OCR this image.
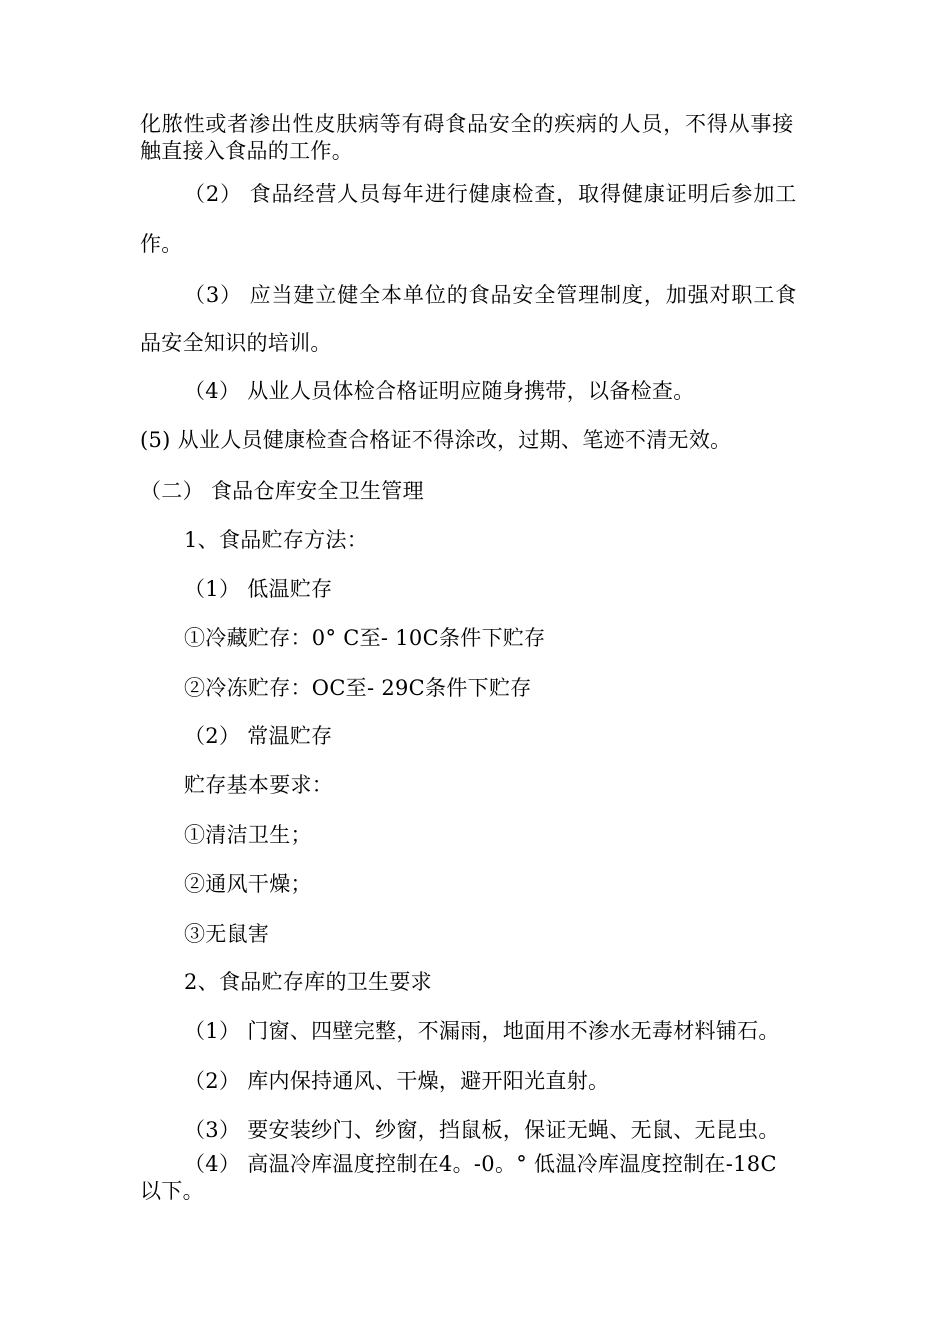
化脓性或者渗出性皮肤病等有碍食品安全的疾病的人员，不得从事接
触直接入食品的工作。
（2） 食品经营人员每年进行健康检查，取得健康证明后参加工
作。
（3） 应当建立健全本单位的食品安全管理制度，加强对职工食
品安全知识的培训。
（4） 从业人员体检合格证明应随身携带，以备检查。
(5) 从业人员健康检查合格证不得涂改，过期、笔迹不清无效。
（二） 食品仓库安全卫生管理
1、食品贮存方法：
（1） 低温贮存
①冷藏贮存：0° C至- 10C条件下贮存
②冷冻贮存：OC至- 29C条件下贮存
（2） 常温贮存
贮存基本要求：
①清洁卫生；
②通风干燥；
③无鼠害
2、食品贮存库的卫生要求
（1） 门窗、四壁完整，不漏雨，地面用不渗水无毒材料铺石。
（2） 库内保持通风、干燥，避开阳光直射。
（3） 要安装纱门、纱窗，挡鼠板，保证无蝇、无鼠、无昆虫。
（4） 高温冷库温度控制在4。-0。° 低温冷库温度控制在-18C
以下。
